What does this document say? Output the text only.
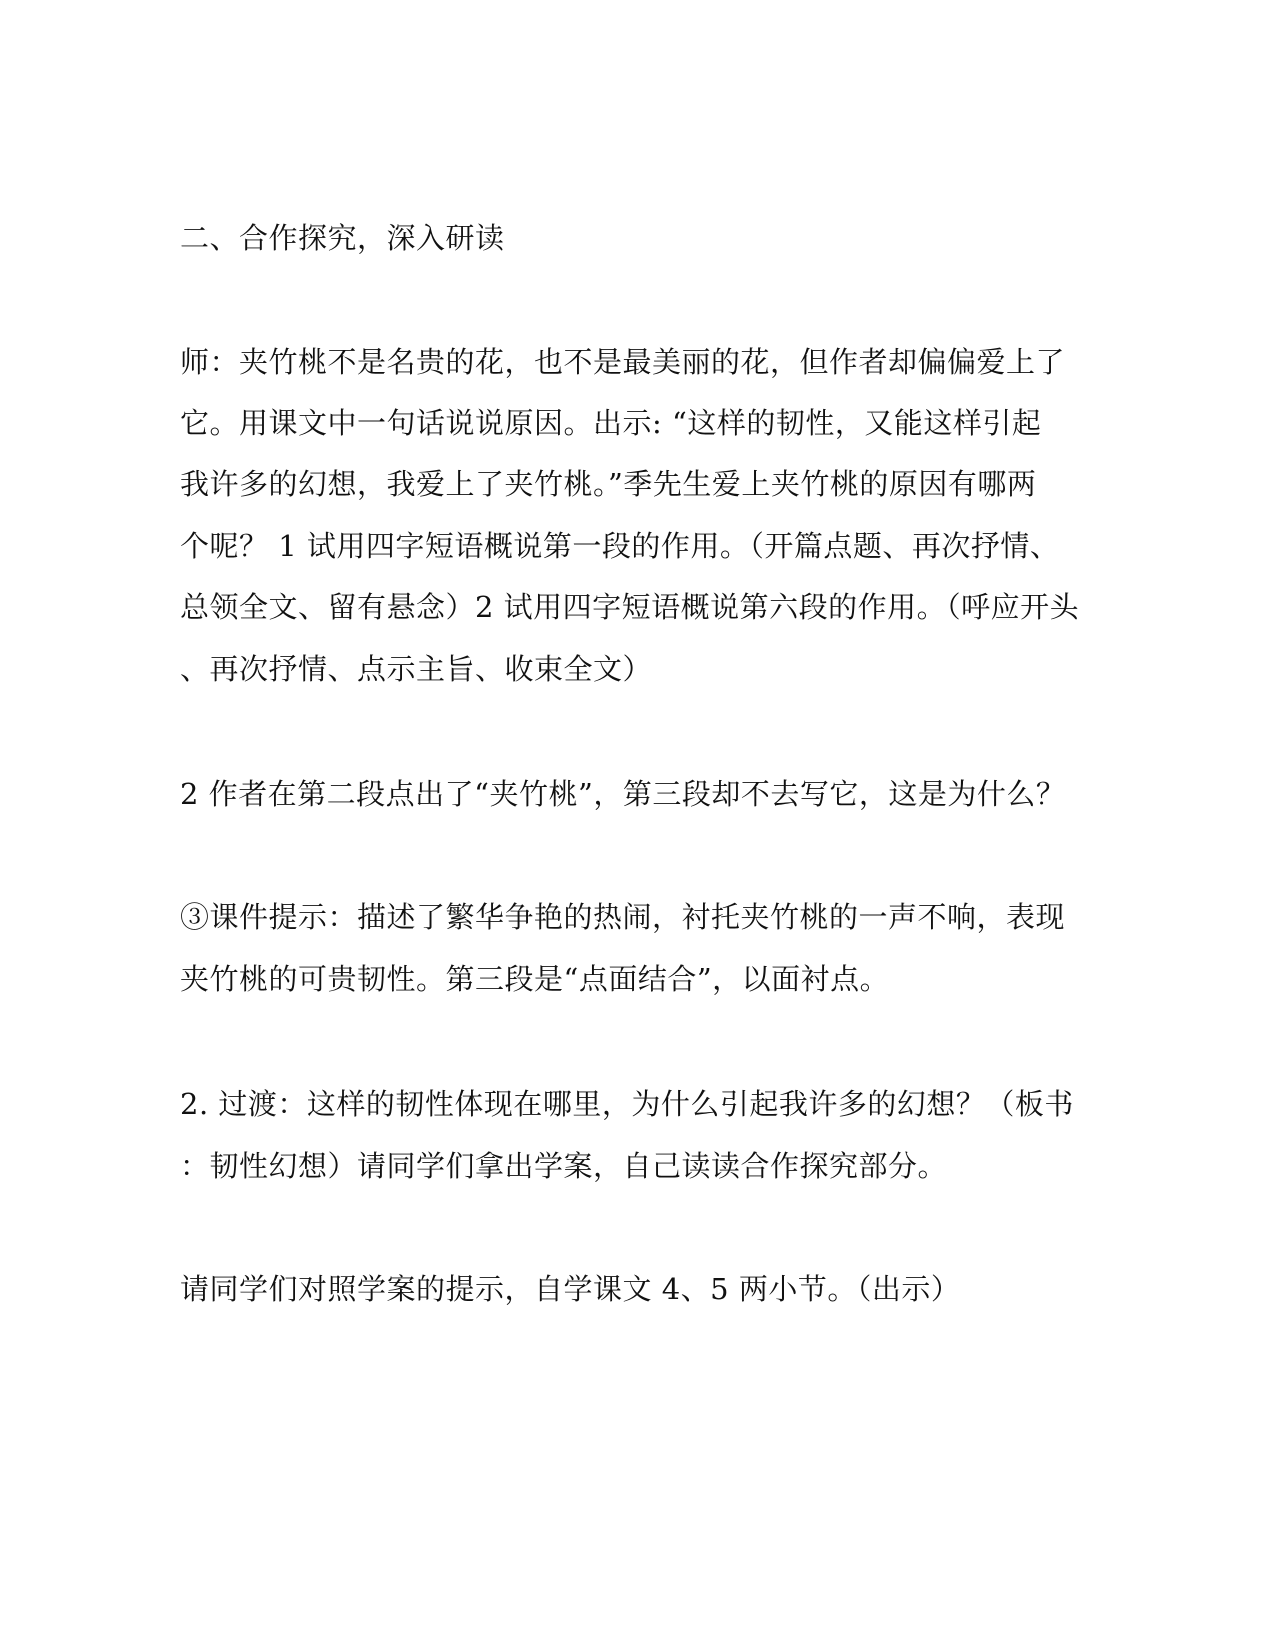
二、合作探究，深入研读
师：夹竹桃不是名贵的花，也不是最美丽的花，但作者却偏偏爱上了
它。用课文中一句话说说原因。出示: “这样的韧性，又能这样引起
我许多的幻想，我爱上了夹竹桃。”季先生爱上夹竹桃的原因有哪两
个呢？ 1 试用四字短语概说第一段的作用。（开篇点题、再次抒情、
总领全文、留有悬念）2 试用四字短语概说第六段的作用。（呼应开头
、再次抒情、点示主旨、收束全文）
2 作者在第二段点出了“夹竹桃”，第三段却不去写它，这是为什么？
③课件提示：描述了繁华争艳的热闹，衬托夹竹桃的一声不响，表现
夹竹桃的可贵韧性。第三段是“点面结合”，以面衬点。
2. 过渡：这样的韧性体现在哪里，为什么引起我许多的幻想？（板书
：韧性幻想）请同学们拿出学案，自己读读合作探究部分。
请同学们对照学案的提示，自学课文 4、5 两小节。（出示）
